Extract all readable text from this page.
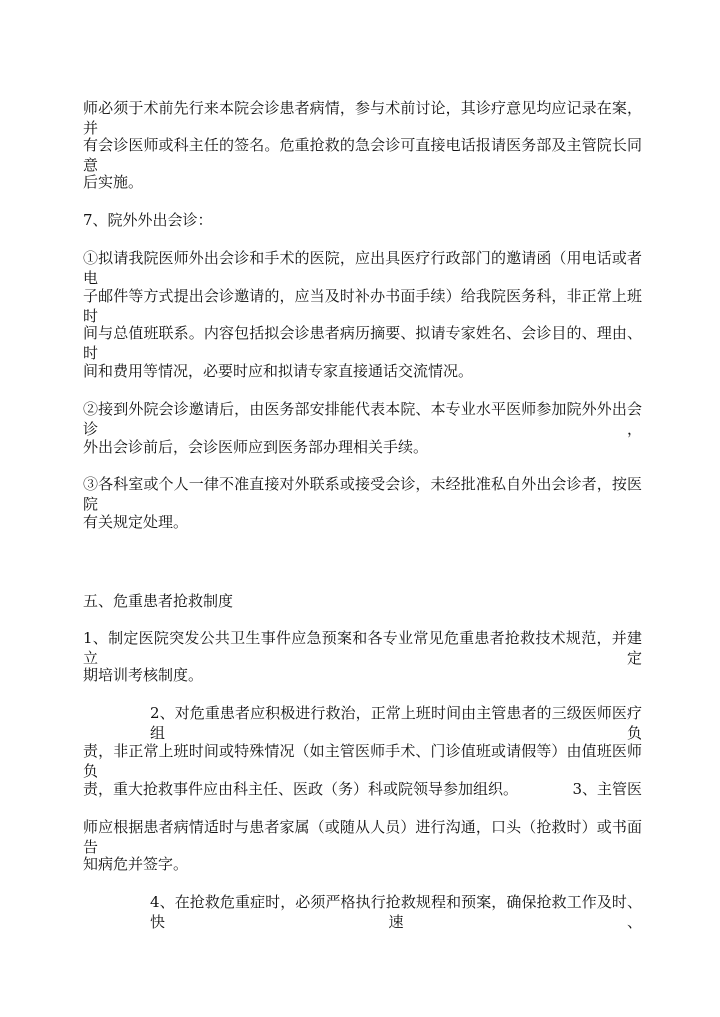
师必须于术前先行来本院会诊患者病情，参与术前讨论，其诊疗意见均应记录在案，并
有会诊医师或科主任的签名。危重抢救的急会诊可直接电话报请医务部及主管院长同意
后实施。
7、院外外出会诊：
①拟请我院医师外出会诊和手术的医院，应出具医疗行政部门的邀请函（用电话或者电
子邮件等方式提出会诊邀请的，应当及时补办书面手续）给我院医务科，非正常上班时
间与总值班联系。内容包括拟会诊患者病历摘要、拟请专家姓名、会诊目的、理由、时
间和费用等情况，必要时应和拟请专家直接通话交流情况。
②接到外院会诊邀请后，由医务部安排能代表本院、本专业水平医师参加院外外出会诊，
外出会诊前后，会诊医师应到医务部办理相关手续。
③各科室或个人一律不准直接对外联系或接受会诊，未经批准私自外出会诊者，按医院
有关规定处理。
五、危重患者抢救制度
1、制定医院突发公共卫生事件应急预案和各专业常见危重患者抢救技术规范，并建立定
期培训考核制度。
2、对危重患者应积极进行救治，正常上班时间由主管患者的三级医师医疗组负
责，非正常上班时间或特殊情况（如主管医师手术、门诊值班或请假等）由值班医师负
责，重大抢救事件应由科主任、医政（务）科或院领导参加组织。	3、主管医
师应根据患者病情适时与患者家属（或随从人员）进行沟通，口头（抢救时）或书面告
知病危并签字。
4、在抢救危重症时，必须严格执行抢救规程和预案，确保抢救工作及时、快速、
